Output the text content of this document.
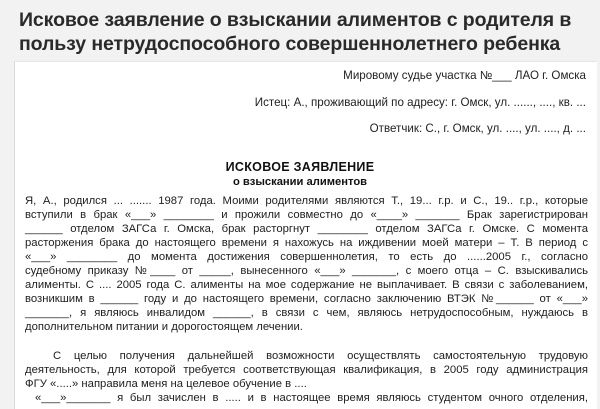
Исковое заявление о взыскании алиментов с родителя в
пользу нетрудоспособного совершеннолетнего ребенка
Мировому судье участка №___ ЛАО г. Омска
Истец: А., проживающий по адресу: г. Омск, ул. ......, ...., кв. ...
Ответчик: С., г. Омск, ул. ...., ул. ...., д. ...
ИСКОВОЕ ЗАЯВЛЕНИЕ
о взыскании алиментов
Я, А., родился ... ....... 1987 года. Моими родителями являются Т., 19... г.р. и С., 19.. г.р., которые
вступили в брак «___» ________ и прожили совместно до «____» _______ Брак зарегистрирован
______ отделом ЗАГСа г. Омска, брак расторгнут ________ отделом ЗАГСа г. Омске. С момента
расторжения брака до настоящего времени я нахожусь на иждивении моей матери – Т. В период с
«___» ________ до момента достижения совершеннолетия, то есть до ......2005 г., согласно
судебному приказу №____ от _____, вынесенного «___» _______, с моего отца – С. взыскивались
алименты. С .... 2005 года С. алименты на мое содержание не выплачивает. В связи с заболеванием,
возникшим в ______ году и до настоящего времени, согласно заключению ВТЭК №______ от «___»
_______, я являюсь инвалидом ______, в связи с чем, являюсь нетрудоспособным, нуждаюсь в
дополнительном питании и дорогостоящем лечении.
С целью получения дальнейшей возможности осуществлять самостоятельную трудовую
деятельность, для которой требуется соответствующая квалификация, в 2005 году администрация
ФГУ «.....» направила меня на целевое обучение в ....
«___»_______ я был зачислен в ..... и в настоящее время являюсь студентом очного отделения,
